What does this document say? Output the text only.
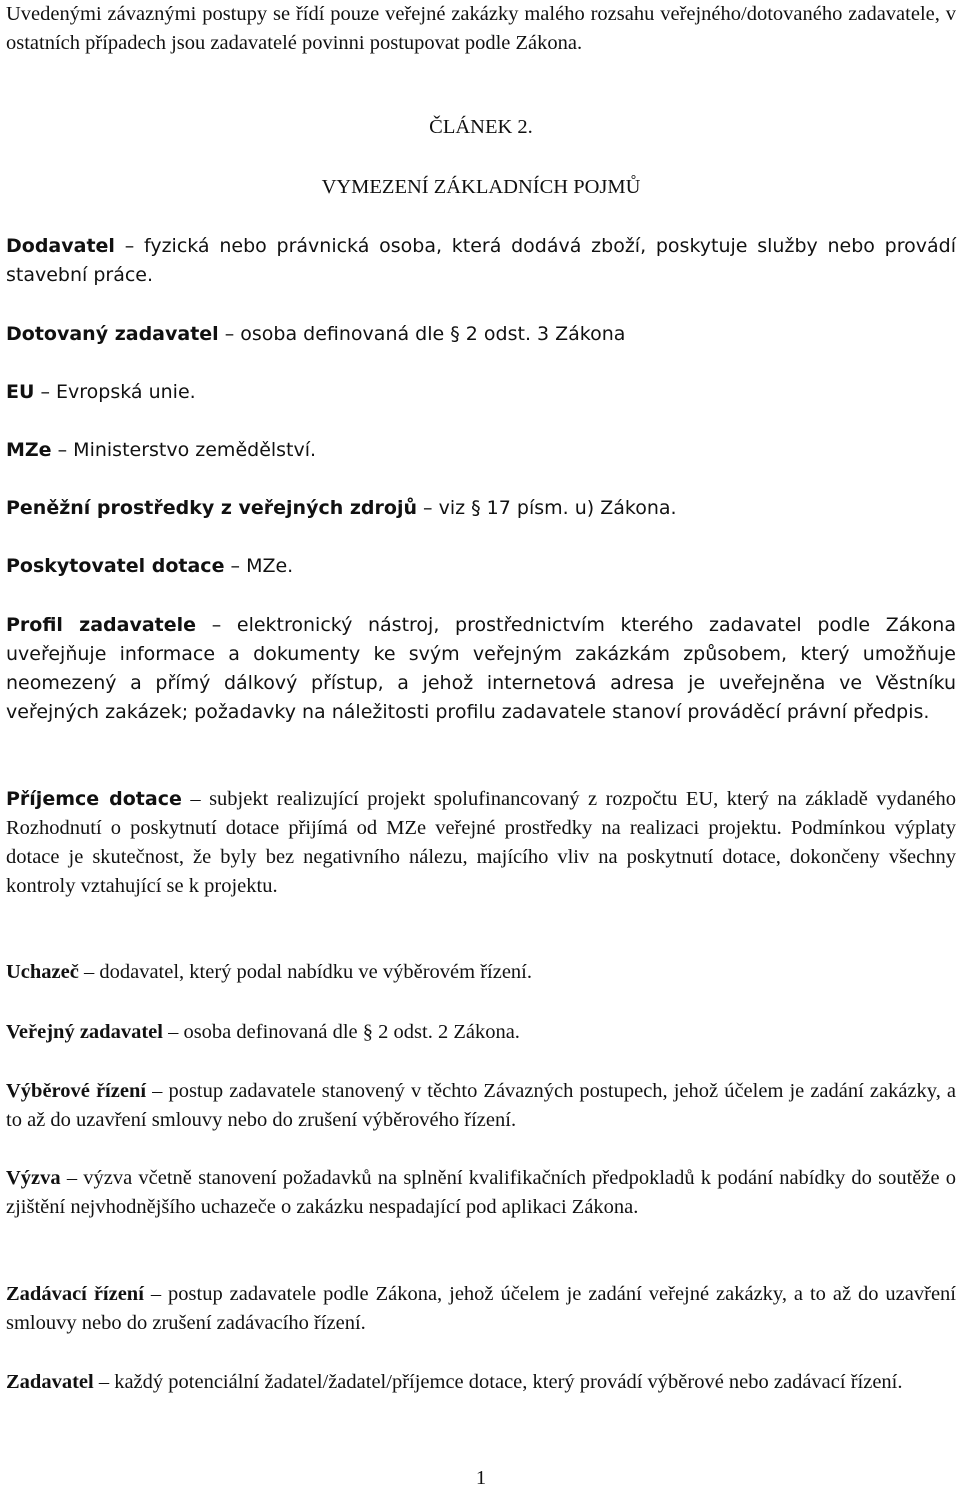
Uvedenými závaznými postupy se řídí pouze veřejné zakázky malého rozsahu veřejného/dotovaného zadavatele, v ostatních případech jsou zadavatelé povinni postupovat podle Zákona.

ČLÁNEK 2.
VYMEZENÍ ZÁKLADNÍCH POJMŮ

Dodavatel – fyzická nebo právnická osoba, která dodává zboží, poskytuje služby nebo provádí stavební práce.

Dotovaný zadavatel – osoba definovaná dle § 2 odst. 3 Zákona

EU – Evropská unie.

MZe – Ministerstvo zemědělství.

Peněžní prostředky z veřejných zdrojů – viz § 17 písm. u) Zákona.

Poskytovatel dotace – MZe.

Profil zadavatele – elektronický nástroj, prostřednictvím kterého zadavatel podle Zákona uveřejňuje informace a dokumenty ke svým veřejným zakázkám způsobem, který umožňuje neomezený a přímý dálkový přístup, a jehož internetová adresa je uveřejněna ve Věstníku veřejných zakázek; požadavky na náležitosti profilu zadavatele stanoví prováděcí právní předpis.

Příjemce dotace – subjekt realizující projekt spolufinancovaný z rozpočtu EU, který na základě vydaného Rozhodnutí o poskytnutí dotace přijímá od MZe veřejné prostředky na realizaci projektu. Podmínkou výplaty dotace je skutečnost, že byly bez negativního nálezu, majícího vliv na poskytnutí dotace, dokončeny všechny kontroly vztahující se k projektu.

Uchazeč – dodavatel, který podal nabídku ve výběrovém řízení.

Veřejný zadavatel – osoba definovaná dle § 2 odst. 2 Zákona.

Výběrové řízení – postup zadavatele stanovený v těchto Závazných postupech, jehož účelem je zadání zakázky, a to až do uzavření smlouvy nebo do zrušení výběrového řízení.

Výzva – výzva včetně stanovení požadavků na splnění kvalifikačních předpokladů k podání nabídky do soutěže o zjištění nejvhodnějšího uchazeče o zakázku nespadající pod aplikaci Zákona.

Zadávací řízení – postup zadavatele podle Zákona, jehož účelem je zadání veřejné zakázky, a to až do uzavření smlouvy nebo do zrušení zadávacího řízení.

Zadavatel – každý potenciální žadatel/žadatel/příjemce dotace, který provádí výběrové nebo zadávací řízení.

1
